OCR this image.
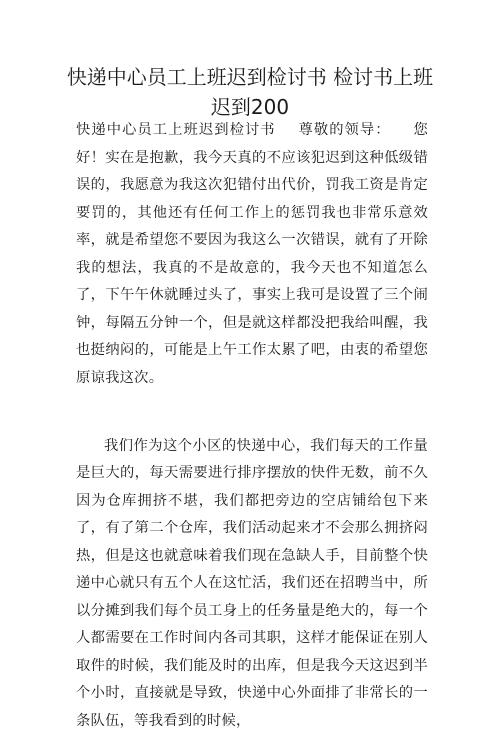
快递中心员工上班迟到检讨书 检讨书上班迟到200

快递中心员工上班迟到检讨书 尊敬的领导： 您好！实在是抱歉，我今天真的不应该犯迟到这种低级错误的，我愿意为我这次犯错付出代价，罚我工资是肯定要罚的，其他还有任何工作上的惩罚我也非常乐意效率，就是希望您不要因为我这么一次错误，就有了开除我的想法，我真的不是故意的，我今天也不知道怎么了，下午午休就睡过头了，事实上我可是设置了三个闹钟，每隔五分钟一个，但是就这样都没把我给叫醒，我也挺纳闷的，可能是上午工作太累了吧，由衷的希望您原谅我这次。

我们作为这个小区的快递中心，我们每天的工作量是巨大的，每天需要进行排序摆放的快件无数，前不久因为仓库拥挤不堪，我们都把旁边的空店铺给包下来了，有了第二个仓库，我们活动起来才不会那么拥挤闷热，但是这也就意味着我们现在急缺人手，目前整个快递中心就只有五个人在这忙活，我们还在招聘当中，所以分摊到我们每个员工身上的任务量是绝大的，每一个人都需要在工作时间内各司其职，这样才能保证在别人取件的时候，我们能及时的出库，但是我今天这迟到半个小时，直接就是导致，快递中心外面排了非常长的一条队伍，等我看到的时候，
